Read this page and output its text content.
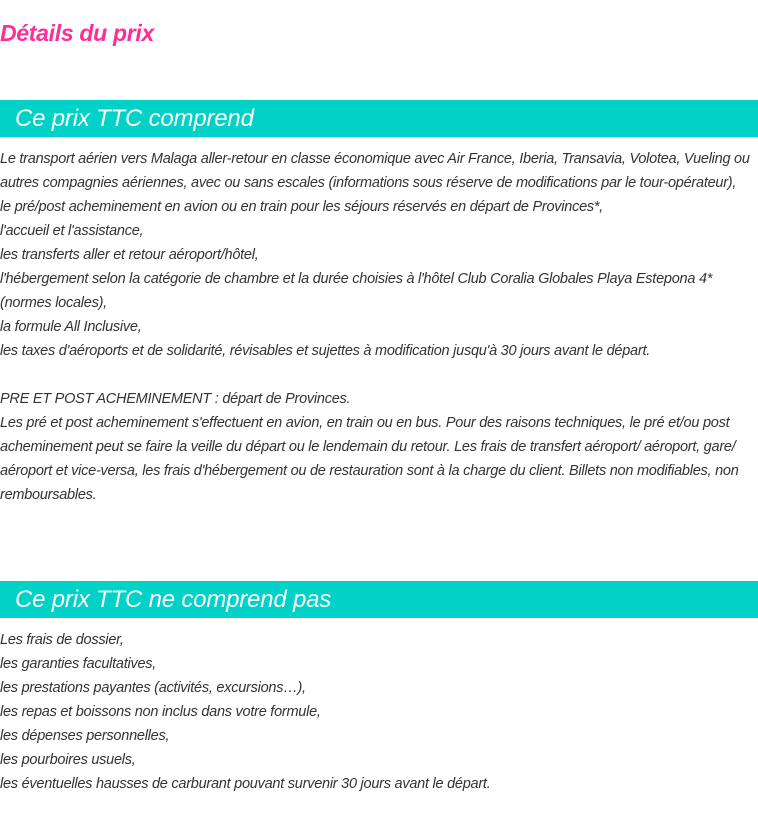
Détails du prix
Ce prix TTC comprend

Le transport aérien vers Malaga aller-retour en classe économique avec Air France, Iberia, Transavia, Volotea, Vueling ou autres compagnies aériennes, avec ou sans escales (informations sous réserve de modifications par le tour-opérateur),

le pré/post acheminement en avion ou en train pour les séjours réservés en départ de Provinces*,

l'accueil et l'assistance,

les transferts aller et retour aéroport/hôtel,

l'hébergement selon la catégorie de chambre et la durée choisies à l'hôtel Club Coralia Globales Playa Estepona 4* (normes locales),

la formule All Inclusive,

les taxes d'aéroports et de solidarité, révisables et sujettes à modification jusqu'à 30 jours avant le départ.

PRE ET POST ACHEMINEMENT : départ de Provinces.

Les pré et post acheminement s'effectuent en avion, en train ou en bus. Pour des raisons techniques, le pré et/ou post acheminement peut se faire la veille du départ ou le lendemain du retour. Les frais de transfert aéroport/ aéroport, gare/ aéroport et vice-versa, les frais d'hébergement ou de restauration sont à la charge du client. Billets non modifiables, non remboursables.

Ce prix TTC ne comprend pas

Les frais de dossier,

les garanties facultatives,

les prestations payantes (activités, excursions…),

les repas et boissons non inclus dans votre formule,

les dépenses personnelles,

les pourboires usuels,

les éventuelles hausses de carburant pouvant survenir 30 jours avant le départ.
